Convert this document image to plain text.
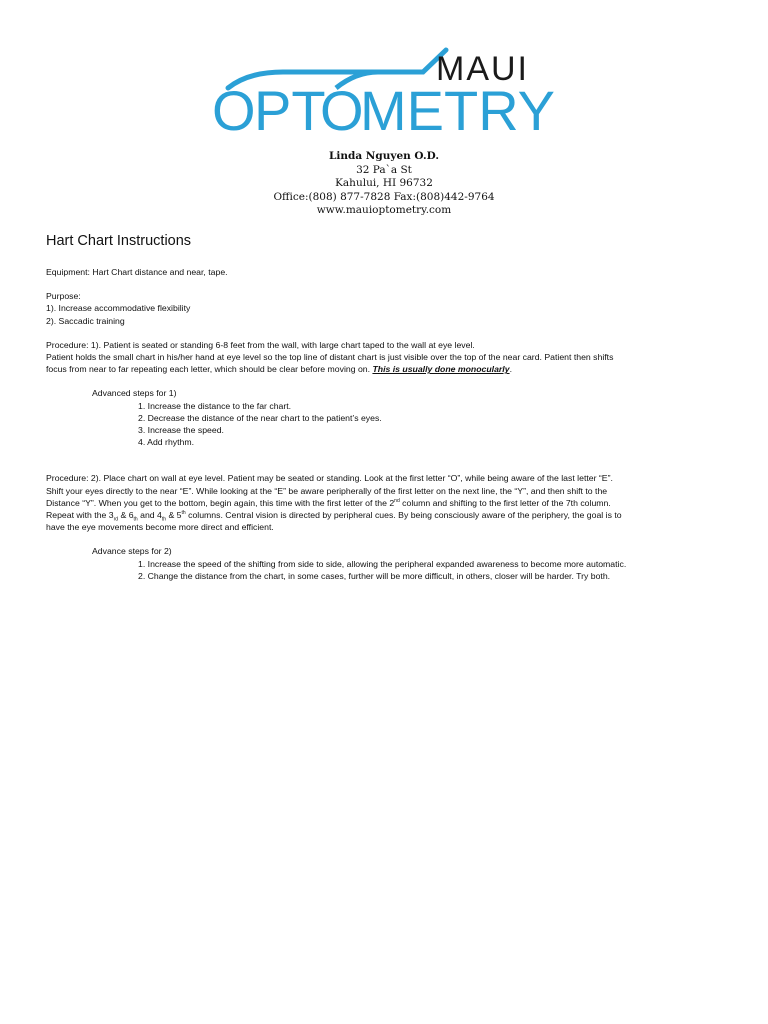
MAUI
O
PT
O
METRY
Linda Nguyen O.D.
32 Pa`a St
Kahului, HI 96732
Office:(808) 877-7828 Fax:(808)442-9764
www.mauioptometry.com
Hart Chart Instructions

Equipment: Hart Chart distance and near, tape.

Purpose:

1). Increase accommodative flexibility

2). Saccadic training

Procedure: 1). Patient is seated or standing 6-8 feet from the wall, with large chart taped to the wall at eye level.

Patient holds the small chart in his/her hand at eye level so the top line of distant chart is just visible over the top of the near card. Patient then shifts

focus from near to far repeating each letter, which should be clear before moving on. This is usually done monocularly.

Advanced steps for 1)

1. Increase the distance to the far chart.

2. Decrease the distance of the near chart to the patient’s eyes.

3. Increase the speed.

4. Add rhythm.

Procedure: 2). Place chart on wall at eye level. Patient may be seated or standing. Look at the first letter “O”, while being aware of the last letter “E”.

Shift your eyes directly to the near “E”. While looking at the “E” be aware peripherally of the first letter on the next line, the “Y”, and then shift to the

Distance “Y”. When you get to the bottom, begin again, this time with the first letter of the 2nd column and shifting to the first letter of the 7th column.

Repeat with the $3_{rd}$ & $6_{th}$ and $4_{th}$ & 5th columns. Central vision is directed by peripheral cues. By being consciously aware of the periphery, the goal is to

have the eye movements become more direct and efficient.

Advance steps for 2)

1. Increase the speed of the shifting from side to side, allowing the peripheral expanded awareness to become more automatic.

2. Change the distance from the chart, in some cases, further will be more difficult, in others, closer will be harder. Try both.
